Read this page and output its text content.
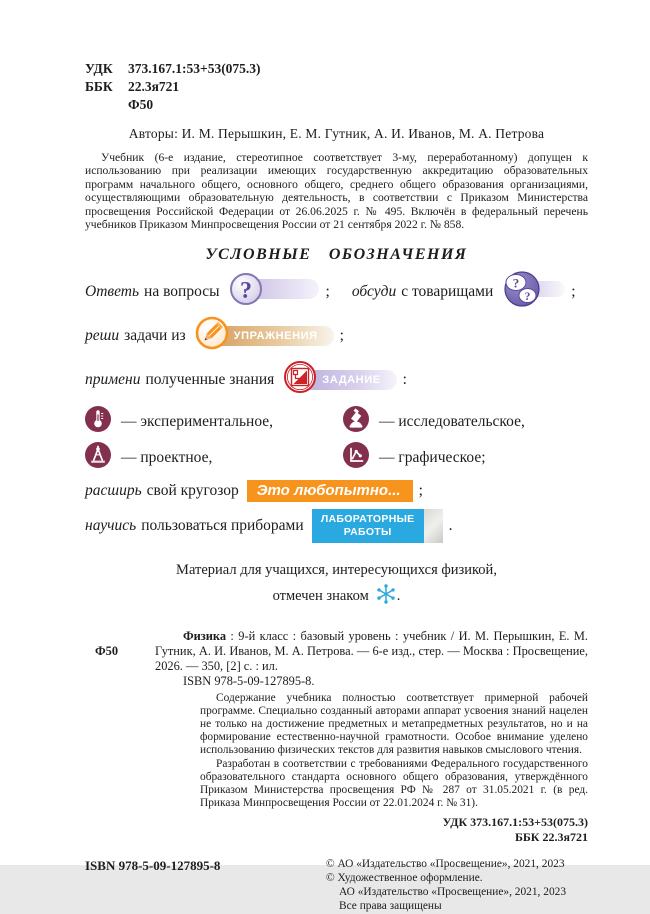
УДК	373.167.1:53+53(075.3)
ББК	22.3я721
Ф50
Авторы: И. М. Перышкин, Е. М. Гутник, А. И. Иванов, М. А. Петрова

Учебник (6-е издание, стереотипное соответствует 3-му, переработанному) допущен к использованию при реализации имеющих государственную аккредитацию образовательных программ начального общего, основного общего, среднего общего образования организациями, осуществляющими образовательную деятельность, в соответствии с Приказом Министерства просвещения Российской Федерации от 26.06.2025 г. № 495. Включён в федеральный перечень учебников Приказом Минпросвещения России от 21 сентября 2022 г. № 858.

УСЛОВНЫЕ ОБОЗНАЧЕНИЯ
Ответь на вопросы ?	; обсуди с товарищами ?
?	;
реши задачи из	УПРАЖНЕНИЯ	;
примени полученные знания	ЗАДАНИЕ	:
— экспериментальное,	— исследовательское,
— проектное,	— графическое;
расширь свой кругозор	Это любопытно...	;
научись пользоваться приборами ЛАБОРАТОРНЫЕ
РАБОТЫ	.
Материал для учащихся, интересующихся физикой,
отмечен знаком .
Ф50
Физика : 9-й класс : базовый уровень : учебник / И. М. Перышкин, Е. М. Гутник, А. И. Иванов, М. А. Петрова. — 6-е изд., стер. — Москва : Просвещение, 2026. — 350, [2] с. : ил.
ISBN 978-5-09-127895-8.

Содержание учебника полностью соответствует примерной рабочей программе. Специально созданный авторами аппарат усвоения знаний нацелен не только на достижение предметных и метапредметных результатов, но и на формирование естественно-научной грамотности. Особое внимание уделено использованию физических текстов для развития навыков смыслового чтения.

Разработан в соответствии с требованиями Федерального государственного образовательного стандарта основного общего образования, утверждённого Приказом Министерства просвещения РФ № 287 от 31.05.2021 г. (в ред. Приказа Минпросвещения России от 22.01.2024 г. № 31).

УДК 373.167.1:53+53(075.3)
ББК 22.3я721
ISBN 978-5-09-127895-8	© АО «Издательство «Просвещение», 2021, 2023
© Художественное оформление.
АО «Издательство «Просвещение», 2021, 2023
Все права защищены
